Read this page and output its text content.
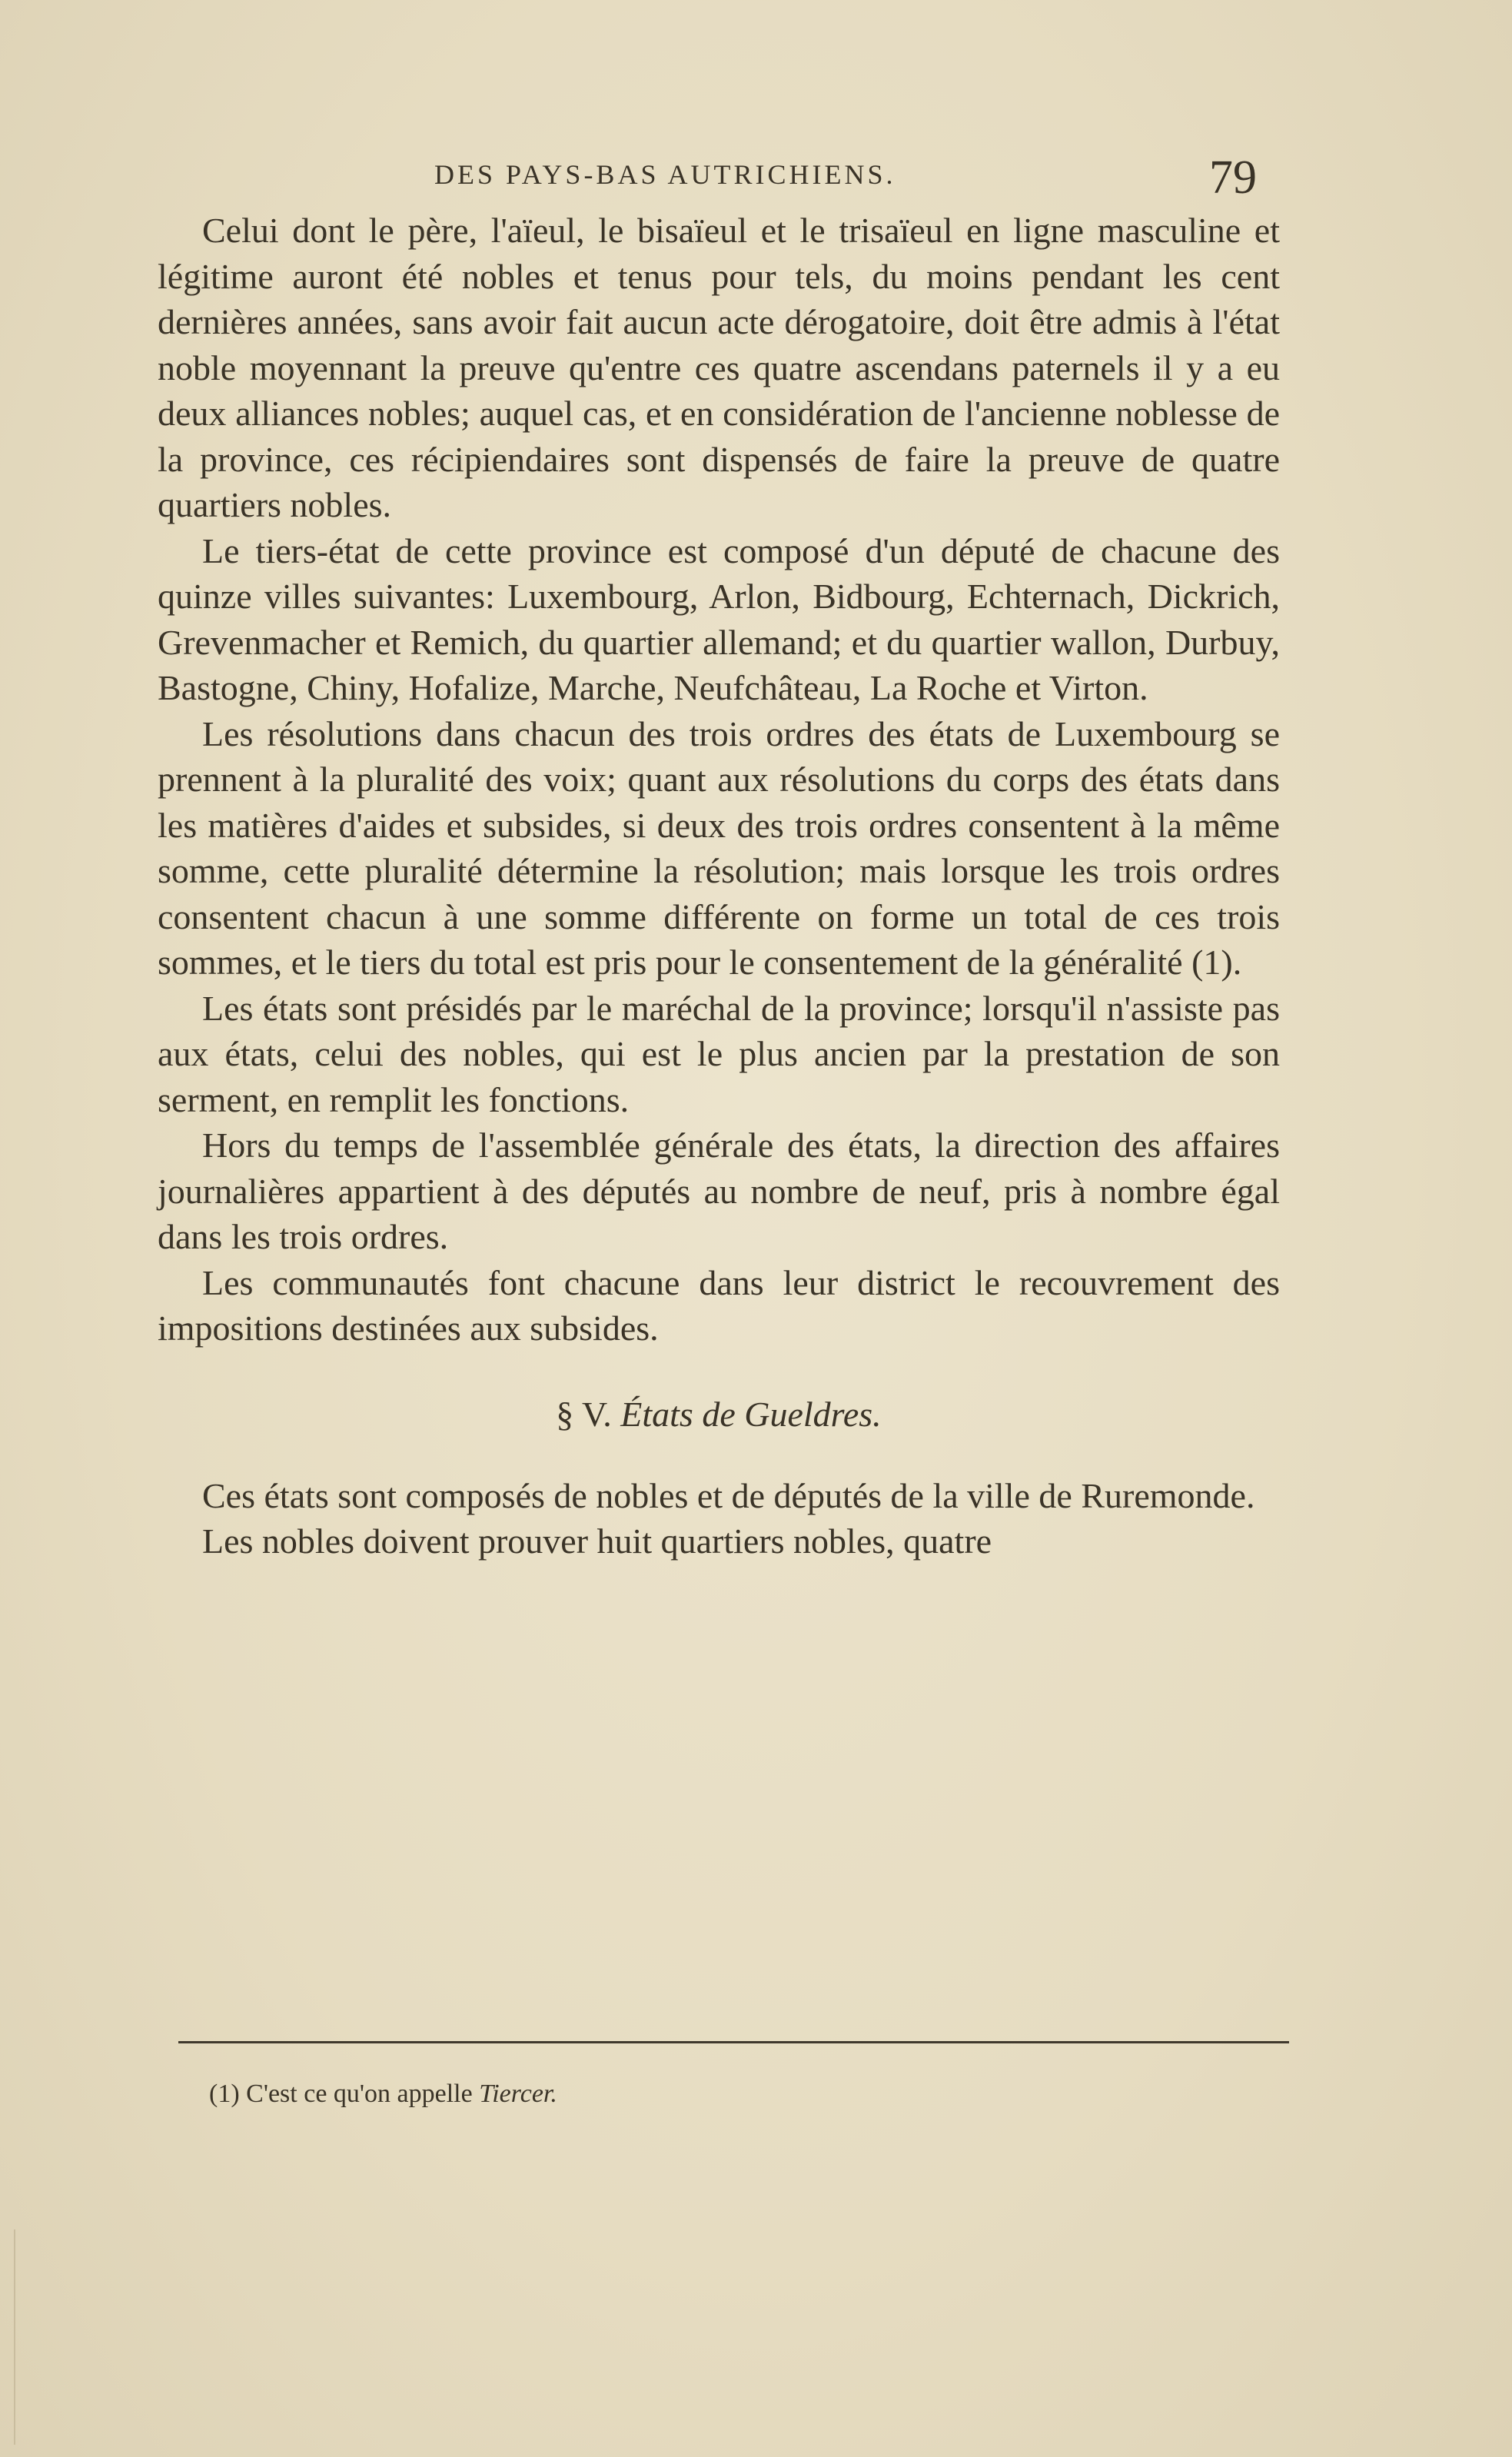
DES PAYS-BAS AUTRICHIENS.	79

Celui dont le père, l'aïeul, le bisaïeul et le trisaïeul en ligne masculine et légitime auront été nobles et tenus pour tels, du moins pendant les cent dernières années, sans avoir fait aucun acte dérogatoire, doit être admis à l'état noble moyennant la preuve qu'entre ces quatre ascendans paternels il y a eu deux alliances nobles; auquel cas, et en considération de l'ancienne noblesse de la province, ces récipiendaires sont dispensés de faire la preuve de quatre quartiers nobles.

Le tiers-état de cette province est composé d'un député de chacune des quinze villes suivantes: Luxembourg, Arlon, Bidbourg, Echternach, Dickrich, Grevenmacher et Remich, du quartier allemand; et du quartier wallon, Durbuy, Bastogne, Chiny, Hofalize, Marche, Neufchâteau, La Roche et Virton.

Les résolutions dans chacun des trois ordres des états de Luxembourg se prennent à la pluralité des voix; quant aux résolutions du corps des états dans les matières d'aides et subsides, si deux des trois ordres consentent à la même somme, cette pluralité détermine la résolution; mais lorsque les trois ordres consentent chacun à une somme différente on forme un total de ces trois sommes, et le tiers du total est pris pour le consentement de la généralité (1).

Les états sont présidés par le maréchal de la province; lorsqu'il n'assiste pas aux états, celui des nobles, qui est le plus ancien par la prestation de son serment, en remplit les fonctions.

Hors du temps de l'assemblée générale des états, la direction des affaires journalières appartient à des députés au nombre de neuf, pris à nombre égal dans les trois ordres.

Les communautés font chacune dans leur district le recouvrement des impositions destinées aux subsides.

§ V. États de Gueldres.

Ces états sont composés de nobles et de députés de la ville de Ruremonde.

Les nobles doivent prouver huit quartiers nobles, quatre

(1) C'est ce qu'on appelle Tiercer.
